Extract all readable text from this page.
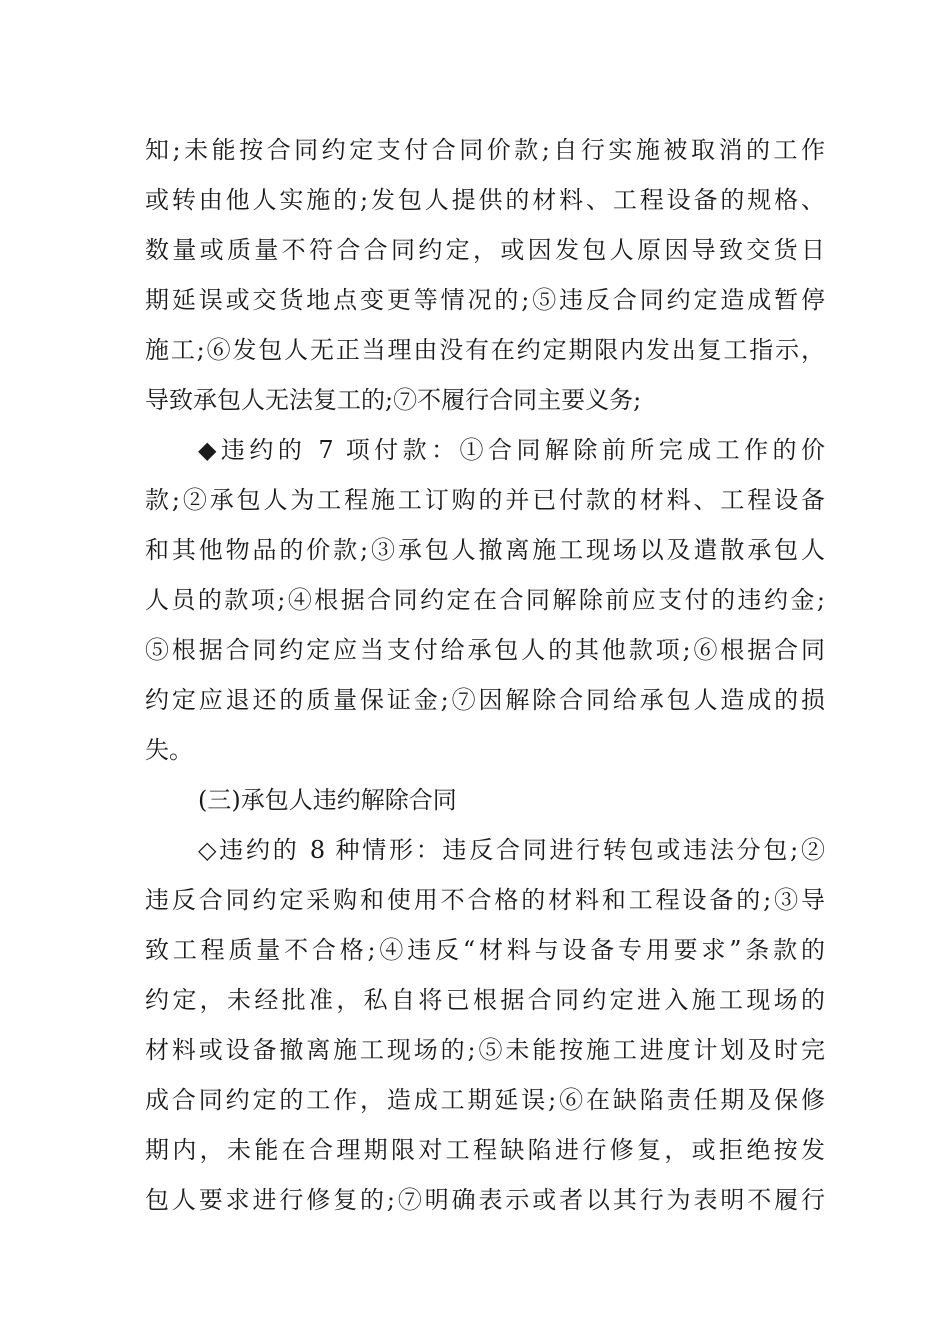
知;未能按合同约定支付合同价款;自行实施被取消的工作
或转由他人实施的;发包人提供的材料、工程设备的规格、
数量或质量不符合合同约定，或因发包人原因导致交货日
期延误或交货地点变更等情况的;⑤违反合同约定造成暂停
施工;⑥发包人无正当理由没有在约定期限内发出复工指示，
导致承包人无法复工的;⑦不履行合同主要义务;
◆违约的 7 项付款：①合同解除前所完成工作的价
款;②承包人为工程施工订购的并已付款的材料、工程设备
和其他物品的价款;③承包人撤离施工现场以及遣散承包人
人员的款项;④根据合同约定在合同解除前应支付的违约金;
⑤根据合同约定应当支付给承包人的其他款项;⑥根据合同
约定应退还的质量保证金;⑦因解除合同给承包人造成的损
失。
(三)承包人违约解除合同
◇违约的 8 种情形：违反合同进行转包或违法分包;②
违反合同约定采购和使用不合格的材料和工程设备的;③导
致工程质量不合格;④违反“材料与设备专用要求”条款的
约定，未经批准，私自将已根据合同约定进入施工现场的
材料或设备撤离施工现场的;⑤未能按施工进度计划及时完
成合同约定的工作，造成工期延误;⑥在缺陷责任期及保修
期内，未能在合理期限对工程缺陷进行修复，或拒绝按发
包人要求进行修复的;⑦明确表示或者以其行为表明不履行
